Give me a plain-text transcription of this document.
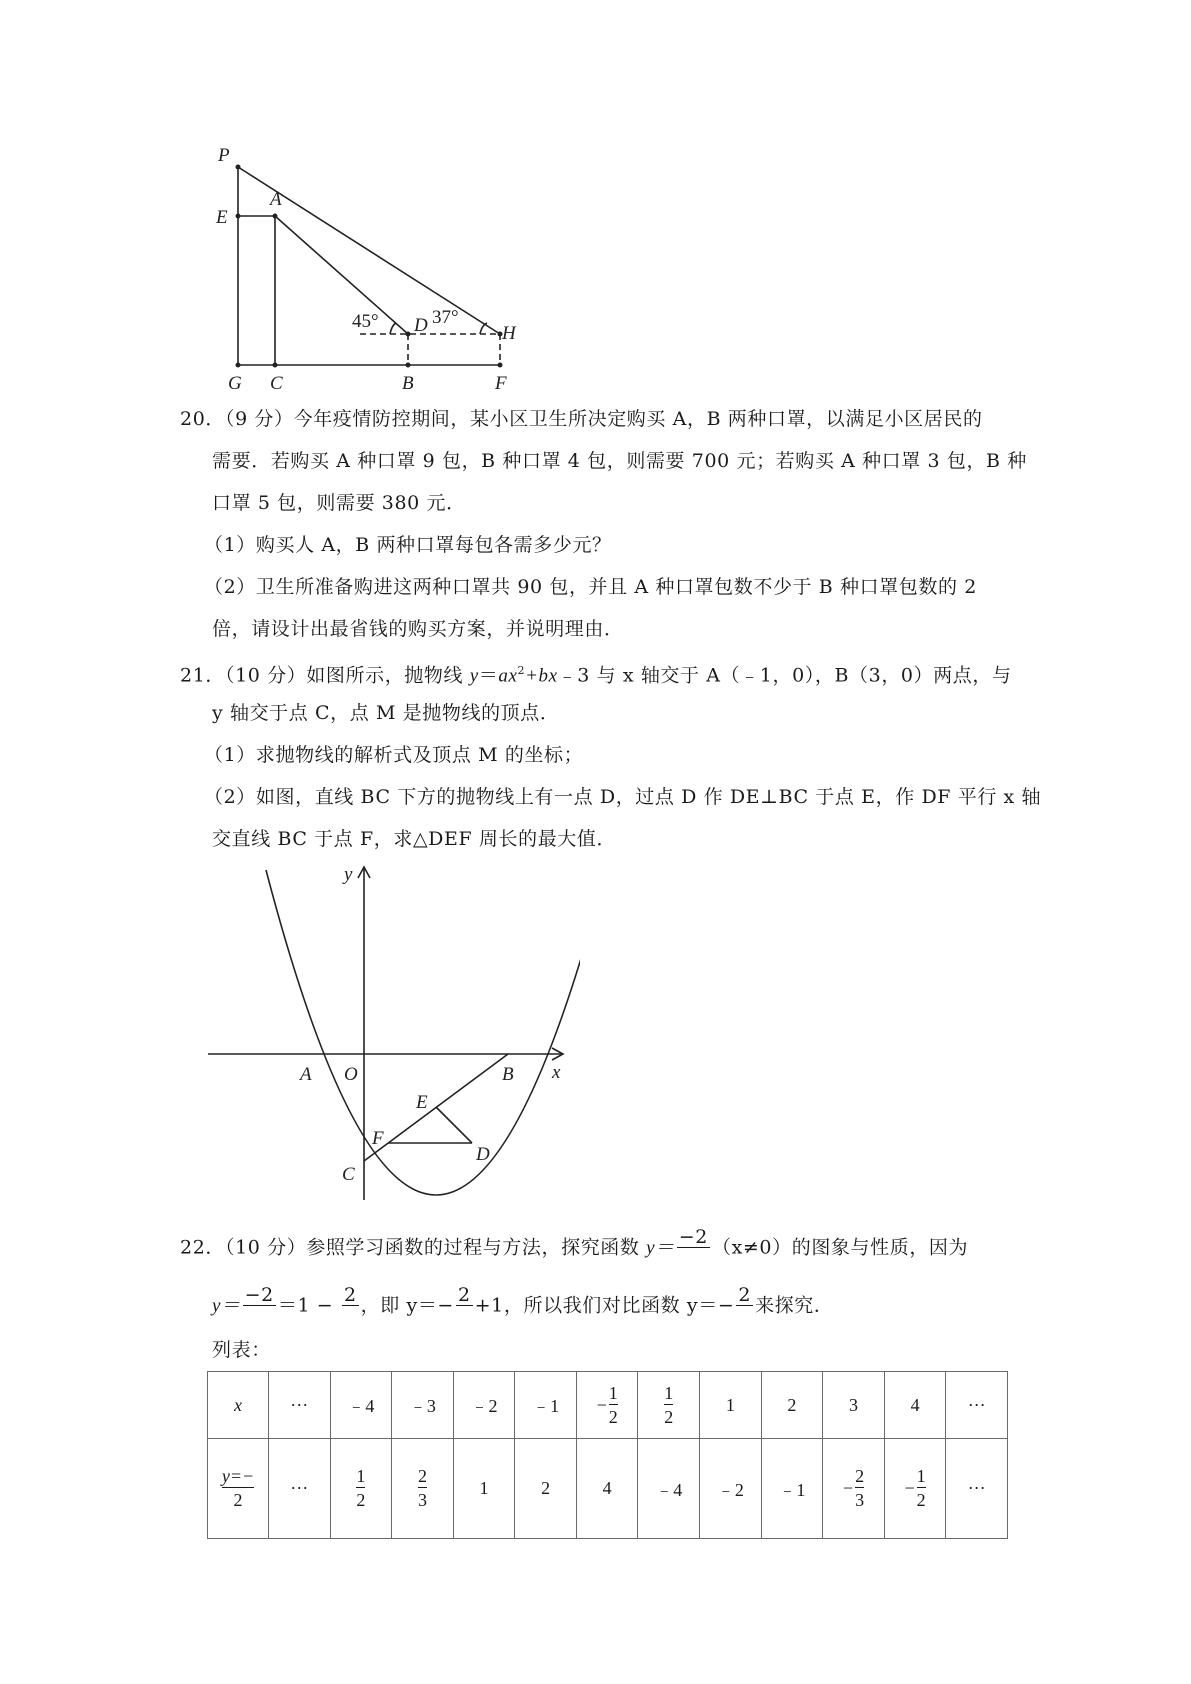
P
E
A
G C
D
B
H
F
45°	37°
20．（9 分）今年疫情防控期间，某小区卫生所决定购买 A，B 两种口罩，以满足小区居民的
需要．若购买 A 种口罩 9 包，B 种口罩 4 包，则需要 700 元；若购买 A 种口罩 3 包，B 种
口罩 5 包，则需要 380 元．
（1）购买人 A，B 两种口罩每包各需多少元？
（2）卫生所准备购进这两种口罩共 90 包，并且 A 种口罩包数不少于 B 种口罩包数的 2
倍，请设计出最省钱的购买方案，并说明理由．
21．（10 分）如图所示，抛物线 $y=ax^2+bx﹣3$ 与 x 轴交于 A（﹣1，0），B（3，0）两点，与
y 轴交于点 C，点 M 是抛物线的顶点．
（1）求抛物线的解析式及顶点 M 的坐标；
（2）如图，直线 BC 下方的抛物线上有一点 D，过点 D 作 DE⊥BC 于点 E，作 DF 平行 x 轴
交直线 BC 于点 F，求△DEF 周长的最大值．
y
x
A O	B
E
F
D
C
22．（10 分）参照学习函数的过程与方法，探究函数 y＝ −2
（x≠0）的图象与性质，因为
y＝ −2
＝1 − 2
，即 y＝− 2
+1，所以我们对比函数 y＝− 2
来探究．
列表：
x	···	﹣4	﹣3	﹣2	﹣1	− $\frac{1}{2}$	$\frac{1}{2}$	1	2	3	4	···

$\frac{y=-}{2}$	···	$\frac{1}{2}$	$\frac{2}{3}$	1	2	4	﹣4	﹣2	﹣1	− $\frac{2}{3}$	− $\frac{1}{2}$	···
